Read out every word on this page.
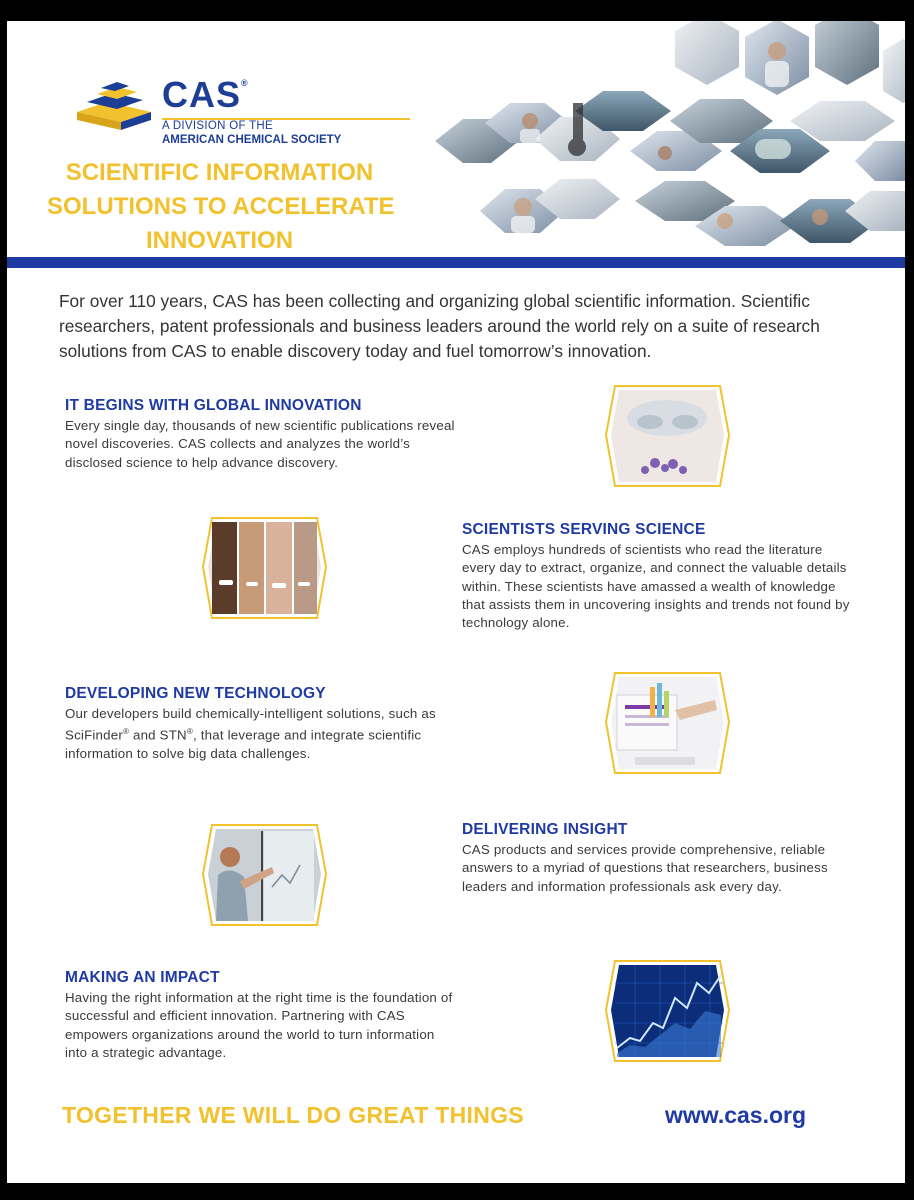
CAS®
A DIVISION OF THE
AMERICAN CHEMICAL SOCIETY
SCIENTIFIC INFORMATION
SOLUTIONS TO ACCELERATE
INNOVATION
For over 110 years, CAS has been collecting and organizing global scientific information. Scientific researchers, patent professionals and business leaders around the world rely on a suite of research solutions from CAS to enable discovery today and fuel tomorrow’s innovation.
IT BEGINS WITH GLOBAL INNOVATION

Every single day, thousands of new scientific publications reveal novel discoveries. CAS collects and analyzes the world’s disclosed science to help advance discovery.

SCIENTISTS SERVING SCIENCE

CAS employs hundreds of scientists who read the literature every day to extract, organize, and connect the valuable details within. These scientists have amassed a wealth of knowledge that assists them in uncovering insights and trends not found by technology alone.

DEVELOPING NEW TECHNOLOGY

Our developers build chemically-intelligent solutions, such as SciFinder® and STN®, that leverage and integrate scientific information to solve big data challenges.

DELIVERING INSIGHT

CAS products and services provide comprehensive, reliable answers to a myriad of questions that researchers, business leaders and information professionals ask every day.

MAKING AN IMPACT

Having the right information at the right time is the foundation of successful and efficient innovation. Partnering with CAS empowers organizations around the world to turn information into a strategic advantage.

TOGETHER WE WILL DO GREAT THINGS	www.cas.org
